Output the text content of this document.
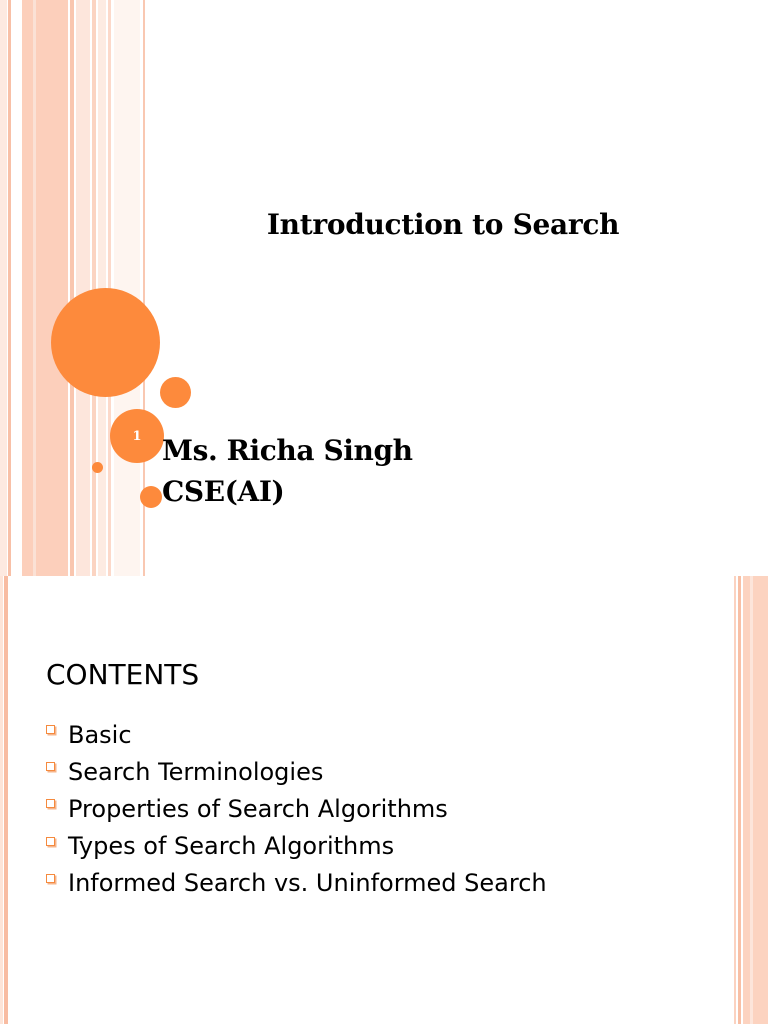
1
Introduction to Search
Ms. Richa Singh
CSE(AI)
CONTENTS
Basic
Search Terminologies
Properties of Search Algorithms
Types of Search Algorithms
Informed Search vs. Uninformed Search
